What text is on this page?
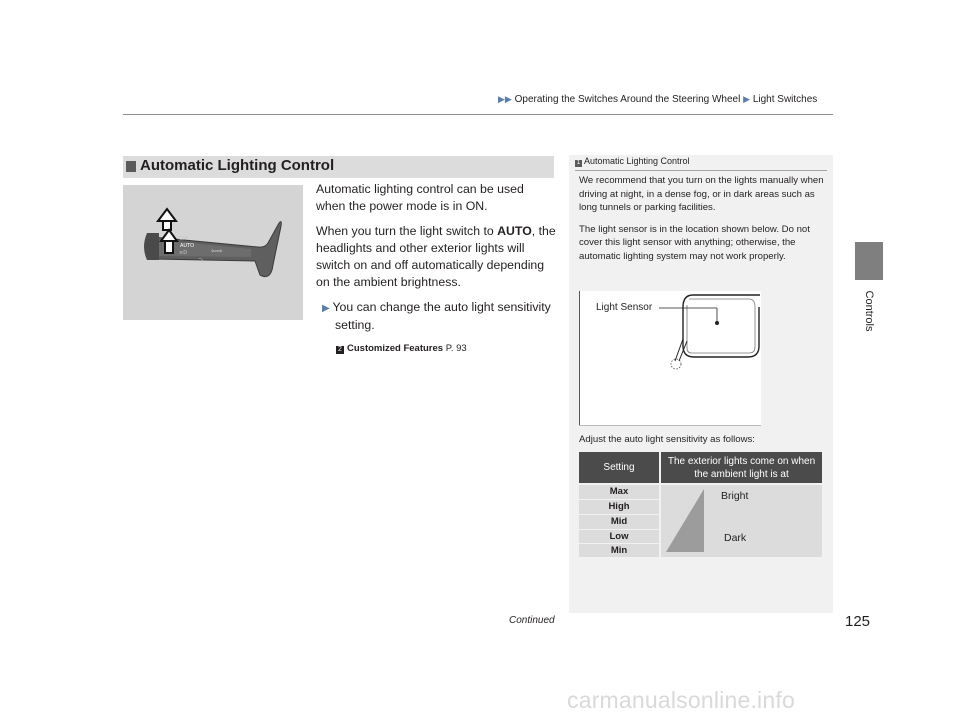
▶▶ Operating the Switches Around the Steering Wheel ▶ Light Switches
Controls
Automatic Lighting Control
OFF
AUTO
≡D	⇦⇨
⊃

Automatic lighting control can be used when the power mode is in ON.

When you turn the light switch to AUTO, the headlights and other exterior lights will switch on and off automatically depending on the ambient brightness.

▶ You can change the auto light sensitivity setting.

2 Customized Features P. 93
1 Automatic Lighting Control

We recommend that you turn on the lights manually when driving at night, in a dense fog, or in dark areas such as long tunnels or parking facilities.

The light sensor is in the location shown below. Do not cover this light sensor with anything; otherwise, the automatic lighting system may not work properly.

Light Sensor
Adjust the auto light sensitivity as follows:
Setting
The exterior lights come on when the ambient light is at
Max
High
Mid
Low
Min
Bright
Dark
Continued	125
carmanualsonline.info
